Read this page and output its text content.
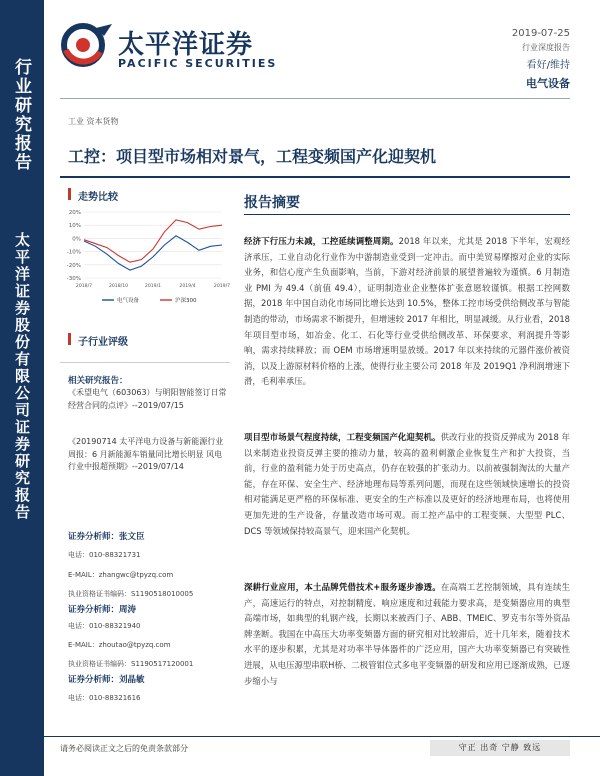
行业研究报告
太平洋证券股份有限公司证券研究报告
太平洋证券
PACIFIC SECURITIES
2019-07-25
行业深度报告
看好/维持
电气设备
工业 资本货物
工控：项目型市场相对景气，工程变频国产化迎契机
走势比较
20%
10%
0%
-10%
-20%
-30%
2018/7	2018/10	2019/1	2019/4	2019/7
电气设备	沪深300
子行业评级
相关研究报告：
《禾望电气（603063）与明阳智能签订日常经营合同的点评》--2019/07/15
《20190714 太平洋电力设备与新能源行业周报：6 月新能源车销量同比增长明显 风电行业中报超预期》--2019/07/14
证券分析师：张文臣
电话：010-88321731
E-MAIL：zhangwc@tpyzq.com
执业资格证书编码：S1190518010005
证券分析师：周涛
电话：010-88321940
E-MAIL：zhoutao@tpyzq.com
执业资格证书编码：S1190517120001
证券分析师：刘晶敏
电话：010-88321616
报告摘要
经济下行压力未减，工控延续调整周期。2018 年以来，尤其是 2018 下半年，宏观经济承压，工业自动化行业作为中游制造业受到一定冲击。而中美贸易摩擦对企业的实际业务，和信心度产生负面影响，当前，下游对经济前景的展望普遍较为谨慎。6 月制造业 PMI 为 49.4（前值 49.4），证明制造业企业整体扩张意愿较谨慎。根据工控网数据，2018 年中国自动化市场同比增长达到 10.5%，整体工控市场受供给侧改革与智能制造的带动，市场需求不断提升，但增速较 2017 年相比，明显减缓。从行业看，2018 年项目型市场，如冶金、化工、石化等行业受供给侧改革、环保要求，利润提升等影响，需求持续释放；而 OEM 市场增速明显放缓。2017 年以来持续的元器件涨价被资消，以及上游原材料价格的上涨，使得行业主要公司 2018 年及 2019Q1 净利润增速下滑，毛利率承压。
项目型市场景气程度持续，工程变频国产化迎契机。供改行业的投资反弹成为 2018 年以来制造业投资反弹主要的推动力量，较高的盈利刺激企业恢复生产和扩大投资，当前，行业的盈利能力处于历史高点，仍存在较强的扩张动力。以前被强制淘汰的大量产能，存在环保、安全生产、经济地理布局等系列问题，而现在这些领域快速增长的投资相对能满足更严格的环保标准、更安全的生产标准以及更好的经济地理布局，也将使用更加先进的生产设备，存量改造市场可观。而工控产品中的工程变频、大型型 PLC、DCS 等领域保持较高景气，迎来国产化契机。
深耕行业应用，本土品牌凭借技术+服务逐步渗透。在高端工艺控制领域，具有连续生产，高速运行的特点，对控制精度、响应速度和过载能力要求高，是变频器应用的典型高端市场，如典型的轧钢产线，长期以来被西门子、ABB、TMEIC、罗克韦尔等外资品牌垄断。我国在中高压大功率变频器方面的研究相对比较滞后，近十几年来，随着技术水平的逐步积累，尤其是对功率半导体器件的广泛应用，国产大功率变频器已有突破性进展，从电压源型串联H桥、二极管钳位式多电平变频器的研发和应用已逐渐成熟，已逐步缩小与
请务必阅读正文之后的免责条款部分	守正 出奇 宁静 致远
